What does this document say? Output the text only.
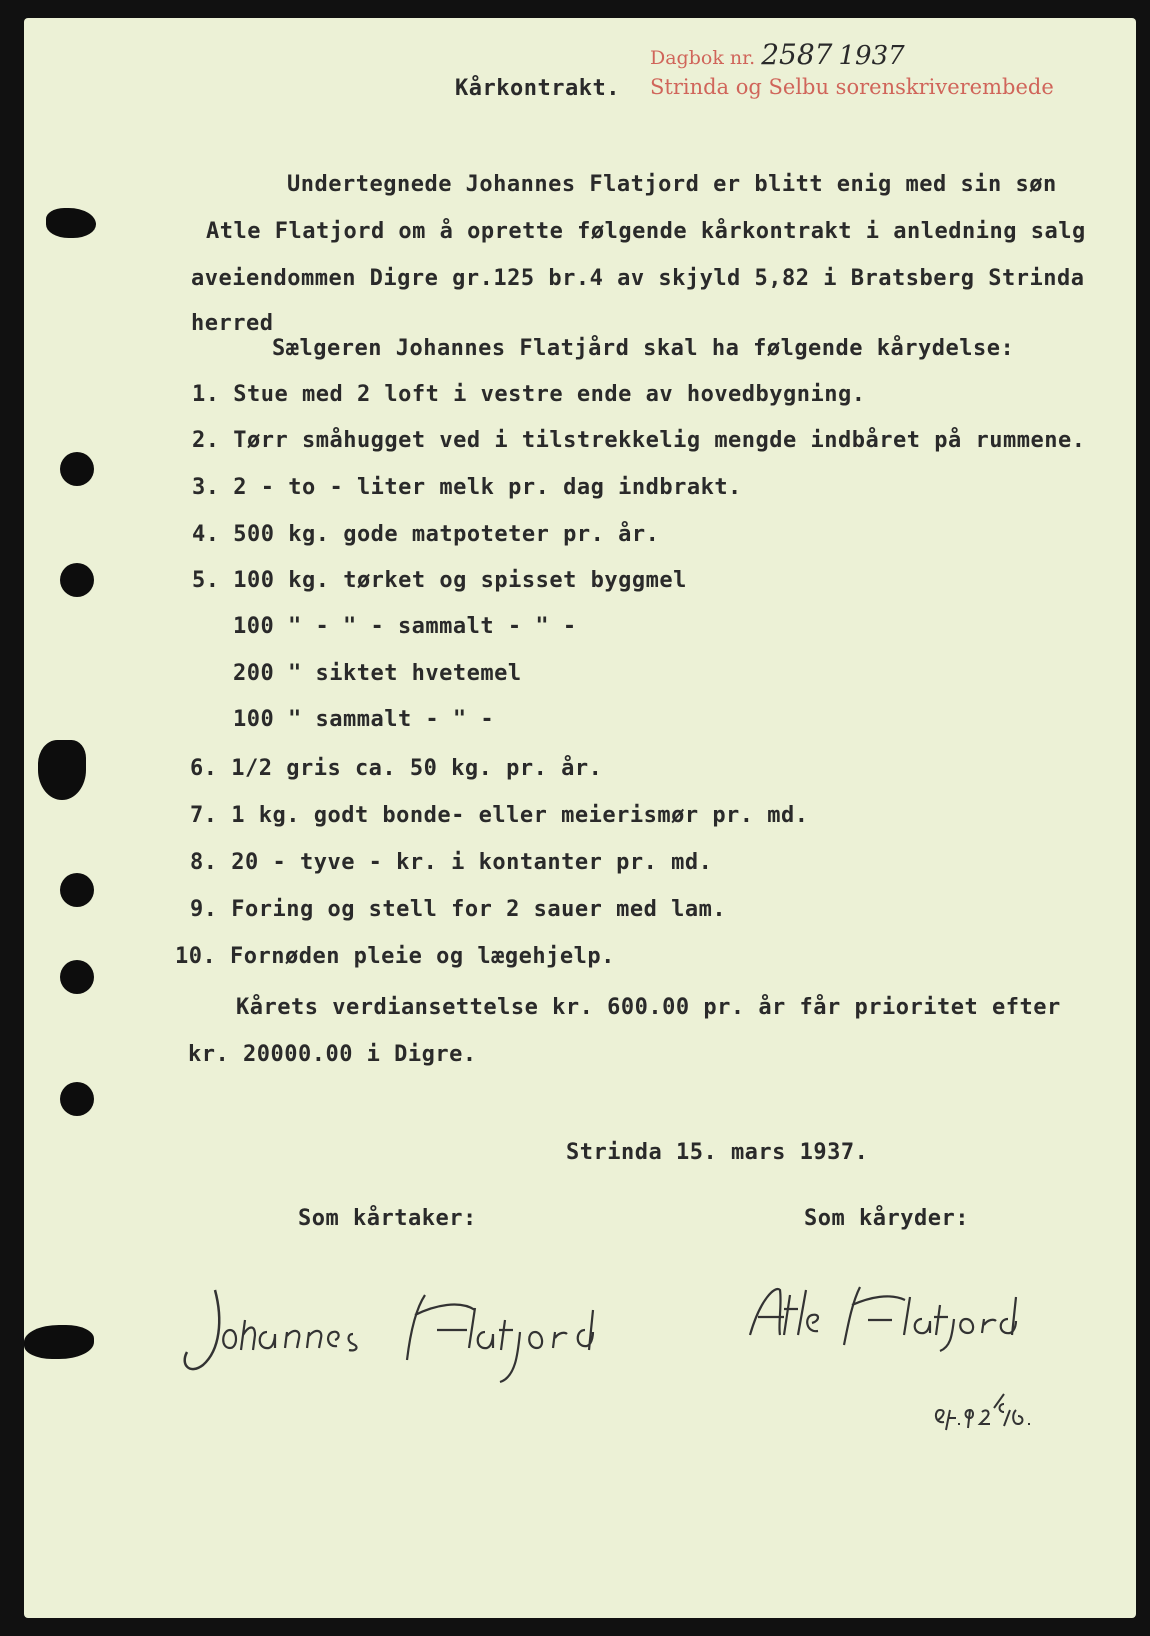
Dagbok nr. 2587 1937
Strinda og Selbu sorenskriverembede
Kårkontrakt.
Undertegnede Johannes Flatjord er blitt enig med sin søn
Atle Flatjord om å oprette følgende kårkontrakt i anledning salg
aveiendommen Digre gr.125 br.4 av skjyld 5,82 i Bratsberg Strinda
herred
Sælgeren Johannes Flatjård skal ha følgende kårydelse:
1. Stue med 2 loft i vestre ende av hovedbygning.
2. Tørr småhugget ved i tilstrekkelig mengde indbåret på rummene.
3. 2 - to - liter melk pr. dag indbrakt.
4. 500 kg. gode matpoteter pr. år.
5. 100 kg. tørket og spisset byggmel
100 " - " - sammalt - " -
200 " siktet hvetemel
100 " sammalt - " -
6. 1/2 gris ca. 50 kg. pr. år.
7. 1 kg. godt bonde- eller meierismør pr. md.
8. 20 - tyve - kr. i kontanter pr. md.
9. Foring og stell for 2 sauer med lam.
10. Fornøden pleie og lægehjelp.
Kårets verdiansettelse kr. 600.00 pr. år får prioritet efter
kr. 20000.00 i Digre.
Strinda 15. mars 1937.
Som kårtaker:	Som kåryder:
